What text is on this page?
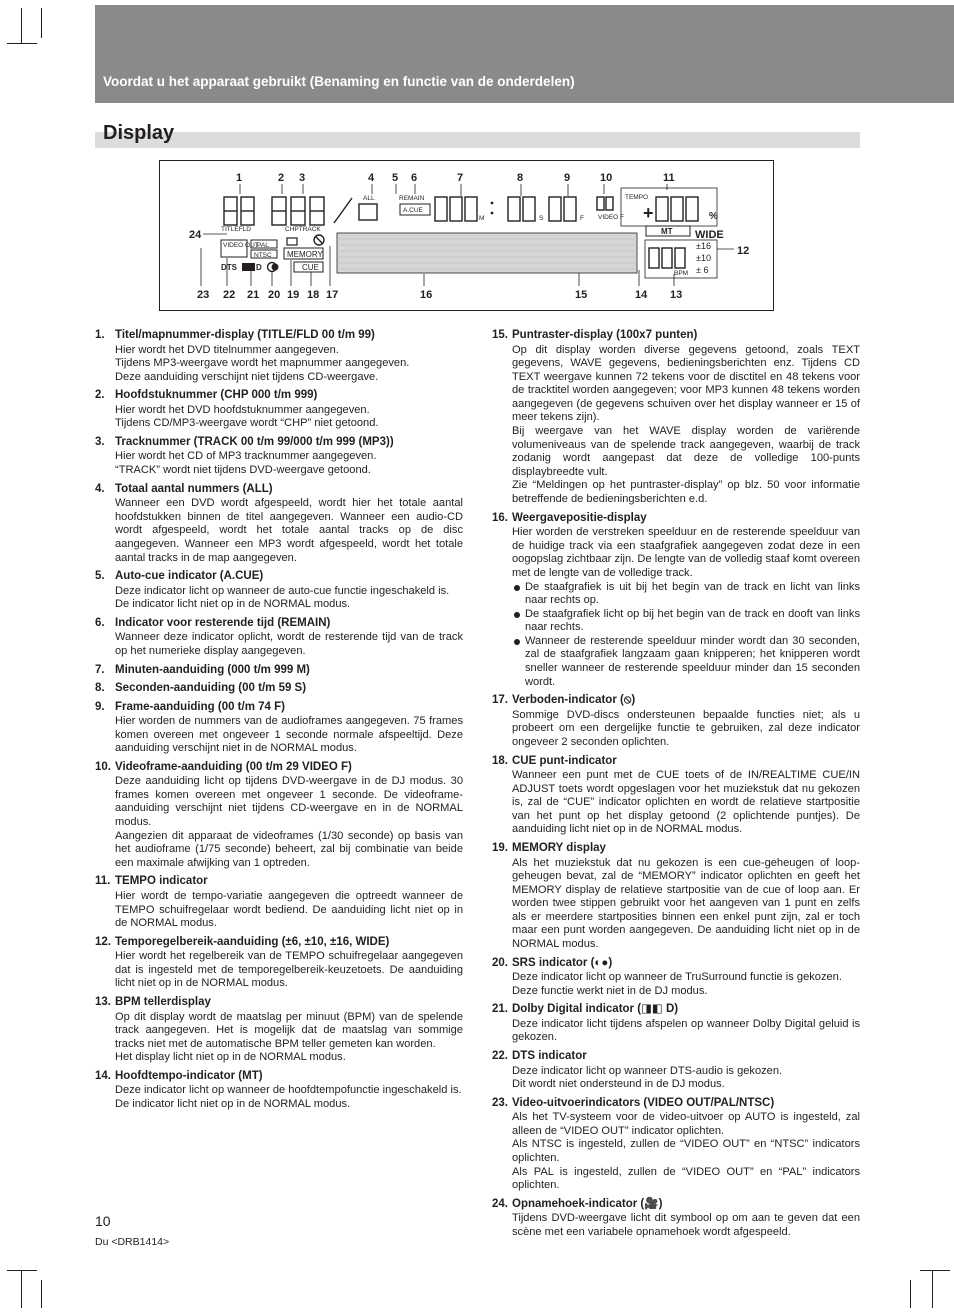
Voordat u het apparaat gebruikt (Benaming en functie van de onderdelen)
Display
1	2 3	4 5 6	7	8	9	10	11
24
12
23 22 21 20 19 18 17	16	15	14 13
TITLEFLD	CHPTRACK
ALL	REMAIN
A.CUE
M	S	F VIDEO F
TEMPO
+	%
MT WIDE
BPM
±16
±10
± 6
VIDEO OUT
PAL
NTSC MEMORY
CUE
DTS D
1. Titel/mapnummer-display (TITLE/FLD 00 t/m 99)
Hier wordt het DVD titelnummer aangegeven.
Tijdens MP3-weergave wordt het mapnummer aangegeven.
Deze aanduiding verschijnt niet tijdens CD-weergave.
2. Hoofdstuknummer (CHP 000 t/m 999)
Hier wordt het DVD hoofdstuknummer aangegeven.
Tijdens CD/MP3-weergave wordt “CHP” niet getoond.
3. Tracknummer (TRACK 00 t/m 99/000 t/m 999 (MP3))
Hier wordt het CD of MP3 tracknummer aangegeven.
“TRACK” wordt niet tijdens DVD-weergave getoond.
4. Totaal aantal nummers (ALL)
Wanneer een DVD wordt afgespeeld, wordt hier het totale aantal hoofdstukken binnen de titel aangegeven. Wanneer een audio-CD wordt afgespeeld, wordt het totale aantal tracks op de disc aangegeven. Wanneer een MP3 wordt afgespeeld, wordt het totale aantal tracks in de map aangegeven.
5. Auto-cue indicator (A.CUE)
Deze indicator licht op wanneer de auto-cue functie ingeschakeld is.
De indicator licht niet op in de NORMAL modus.
6. Indicator voor resterende tijd (REMAIN)
Wanneer deze indicator oplicht, wordt de resterende tijd van de track op het numerieke display aangegeven.
7. Minuten-aanduiding (000 t/m 999 M)
8. Seconden-aanduiding (00 t/m 59 S)
9. Frame-aanduiding (00 t/m 74 F)
Hier worden de nummers van de audioframes aangegeven. 75 frames komen overeen met ongeveer 1 seconde normale afspeeltijd. Deze aanduiding verschijnt niet in de NORMAL modus.
10. Videoframe-aanduiding (00 t/m 29 VIDEO F)
Deze aanduiding licht op tijdens DVD-weergave in de DJ modus. 30 frames komen overeen met ongeveer 1 seconde. De videoframe-aanduiding verschijnt niet tijdens CD-weergave en in de NORMAL modus.
Aangezien dit apparaat de videoframes (1/30 seconde) op basis van het audioframe (1/75 seconde) beheert, zal bij combinatie van beide een maximale afwijking van 1 optreden.
11. TEMPO indicator
Hier wordt de tempo-variatie aangegeven die optreedt wanneer de TEMPO schuifregelaar wordt bediend. De aanduiding licht niet op in de NORMAL modus.
12. Temporegelbereik-aanduiding (±6, ±10, ±16, WIDE)
Hier wordt het regelbereik van de TEMPO schuifregelaar aangegeven dat is ingesteld met de temporegelbereik-keuzetoets. De aanduiding licht niet op in de NORMAL modus.
13. BPM tellerdisplay
Op dit display wordt de maatslag per minuut (BPM) van de spelende track aangegeven. Het is mogelijk dat de maatslag van sommige tracks niet met de automatische BPM teller gemeten kan worden.
Het display licht niet op in de NORMAL modus.
14. Hoofdtempo-indicator (MT)
Deze indicator licht op wanneer de hoofdtempofunctie ingeschakeld is.
De indicator licht niet op in de NORMAL modus.
15. Puntraster-display (100x7 punten)
Op dit display worden diverse gegevens getoond, zoals TEXT gegevens, WAVE gegevens, bedieningsberichten enz. Tijdens CD TEXT weergave kunnen 72 tekens voor de disctitel en 48 tekens voor de tracktitel worden aangegeven; voor MP3 kunnen 48 tekens worden aangegeven (de gegevens schuiven over het display wanneer er 15 of meer tekens zijn).
Bij weergave van het WAVE display worden de variërende volumeniveaus van de spelende track aangegeven, waarbij de track zodanig wordt aangepast dat deze de volledige 100-punts displaybreedte vult.
Zie “Meldingen op het puntraster-display” op blz. 50 voor informatie betreffende de bedieningsberichten e.d.
16. Weergavepositie-display
Hier worden de verstreken speelduur en de resterende speelduur van de huidige track via een staafgrafiek aangegeven zodat deze in een oogopslag zichtbaar zijn. De lengte van de volledig staaf komt overeen met de lengte van de volledige track.
De staafgrafiek is uit bij het begin van de track en licht van links naar rechts op.
De staafgrafiek licht op bij het begin van de track en dooft van links naar rechts.
Wanneer de resterende speelduur minder wordt dan 30 seconden, zal de staafgrafiek langzaam gaan knipperen; het knipperen wordt sneller wanneer de resterende speelduur minder dan 15 seconden wordt.
17. Verboden-indicator (⦸)
Sommige DVD-discs ondersteunen bepaalde functies niet; als u probeert om een dergelijke functie te gebruiken, zal deze indicator ongeveer 2 seconden oplichten.
18. CUE punt-indicator
Wanneer een punt met de CUE toets of de IN/REALTIME CUE/IN ADJUST toets wordt opgeslagen voor het muziekstuk dat nu gekozen is, zal de “CUE” indicator oplichten en wordt de relatieve startpositie van het punt op het display getoond (2 oplichtende puntjes). De aanduiding licht niet op in de NORMAL modus.
19. MEMORY display
Als het muziekstuk dat nu gekozen is een cue-geheugen of loop-geheugen bevat, zal de “MEMORY” indicator oplichten en geeft het MEMORY display de relatieve startpositie van de cue of loop aan. Er worden twee stippen gebruikt voor het aangeven van 1 punt en zelfs als er meerdere startposities binnen een enkel punt zijn, zal er toch maar een punt worden aangegeven. De aanduiding licht niet op in de NORMAL modus.
20. SRS indicator (◐●)
Deze indicator licht op wanneer de TruSurround functie is gekozen.
Deze functie werkt niet in de DJ modus.
21. Dolby Digital indicator (◨◧ D)
Deze indicator licht tijdens afspelen op wanneer Dolby Digital geluid is gekozen.
22. DTS indicator
Deze indicator licht op wanneer DTS-audio is gekozen.
Dit wordt niet ondersteund in de DJ modus.
23. Video-uitvoerindicators (VIDEO OUT/PAL/NTSC)
Als het TV-systeem voor de video-uitvoer op AUTO is ingesteld, zal alleen de “VIDEO OUT” indicator oplichten.
Als NTSC is ingesteld, zullen de “VIDEO OUT” en “NTSC” indicators oplichten.
Als PAL is ingesteld, zullen de “VIDEO OUT” en “PAL” indicators oplichten.
24. Opnamehoek-indicator (🎥)
Tijdens DVD-weergave licht dit symbool op om aan te geven dat een scène met een variabele opnamehoek wordt afgespeeld.
10
Du <DRB1414>
